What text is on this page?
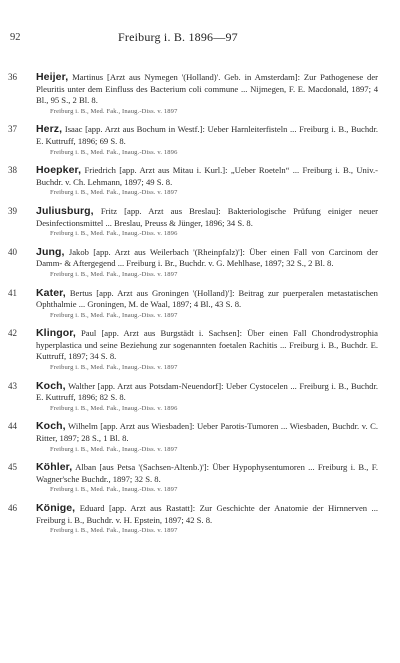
92	Freiburg i. B. 1896—97
36 Heijer, Martinus [Arzt aus Nymegen '(Holland)'. Geb. in Amsterdam]: Zur Pathogenese der Pleuritis unter dem Einfluss des Bacterium coli commune ... Nijmegen, F. E. Macdonald, 1897; 4 Bl., 95 S., 2 Bl. 8.
Freiburg i. B., Med. Fak., Inaug.-Diss. v. 1897
37 Herz, Isaac [app. Arzt aus Bochum in Westf.]: Ueber Harnleiterfisteln ... Freiburg i. B., Buchdr. E. Kuttruff, 1896; 69 S. 8.
Freiburg i. B., Med. Fak., Inaug.-Diss. v. 1896
38 Hoepker, Friedrich [app. Arzt aus Mitau i. Kurl.]: „Ueber Roeteln“ ... Freiburg i. B., Univ.-Buchdr. v. Ch. Lehmann, 1897; 49 S. 8.
Freiburg i. B., Med. Fak., Inaug.-Diss. v. 1897
39 Juliusburg, Fritz [app. Arzt aus Breslau]: Bakteriologische Prüfung einiger neuer Desinfectionsmittel ... Breslau, Preuss & Jünger, 1896; 34 S. 8.
Freiburg i. B., Med. Fak., Inaug.-Diss. v. 1896
40 Jung, Jakob [app. Arzt aus Weilerbach '(Rheinpfalz)']: Über einen Fall von Carcinom der Damm- & Aftergegend ... Freiburg i. Br., Buchdr. v. G. Mehlhase, 1897; 32 S., 2 Bl. 8.
Freiburg i. B., Med. Fak., Inaug.-Diss. v. 1897
41 Kater, Bertus [app. Arzt aus Groningen '(Holland)']: Beitrag zur puerperalen metastatischen Ophthalmie ... Groningen, M. de Waal, 1897; 4 Bl., 43 S. 8.
Freiburg i. B., Med. Fak., Inaug.-Diss. v. 1897
42 Klingor, Paul [app. Arzt aus Burgstädt i. Sachsen]: Über einen Fall Chondrodystrophia hyperplastica und seine Beziehung zur sogenannten foetalen Rachitis ... Freiburg i. B., Buchdr. E. Kuttruff, 1897; 34 S. 8.
Freiburg i. B., Med. Fak., Inaug.-Diss. v. 1897
43 Koch, Walther [app. Arzt aus Potsdam-Neuendorf]: Ueber Cystocelen ... Freiburg i. B., Buchdr. E. Kuttruff, 1896; 82 S. 8.
Freiburg i. B., Med. Fak., Inaug.-Diss. v. 1896
44 Koch, Wilhelm [app. Arzt aus Wiesbaden]: Ueber Parotis-Tumoren ... Wiesbaden, Buchdr. v. C. Ritter, 1897; 28 S., 1 Bl. 8.
Freiburg i. B., Med. Fak., Inaug.-Diss. v. 1897
45 Köhler, Alban [aus Petsa '(Sachsen-Altenb.)']: Über Hypophysentumoren ... Freiburg i. B., F. Wagner'sche Buchdr., 1897; 32 S. 8.
Freiburg i. B., Med. Fak., Inaug.-Diss. v. 1897
46 Könige, Eduard [app. Arzt aus Rastatt]: Zur Geschichte der Anatomie der Hirnnerven ... Freiburg i. B., Buchdr. v. H. Epstein, 1897; 42 S. 8.
Freiburg i. B., Med. Fak., Inaug.-Diss. v. 1897
